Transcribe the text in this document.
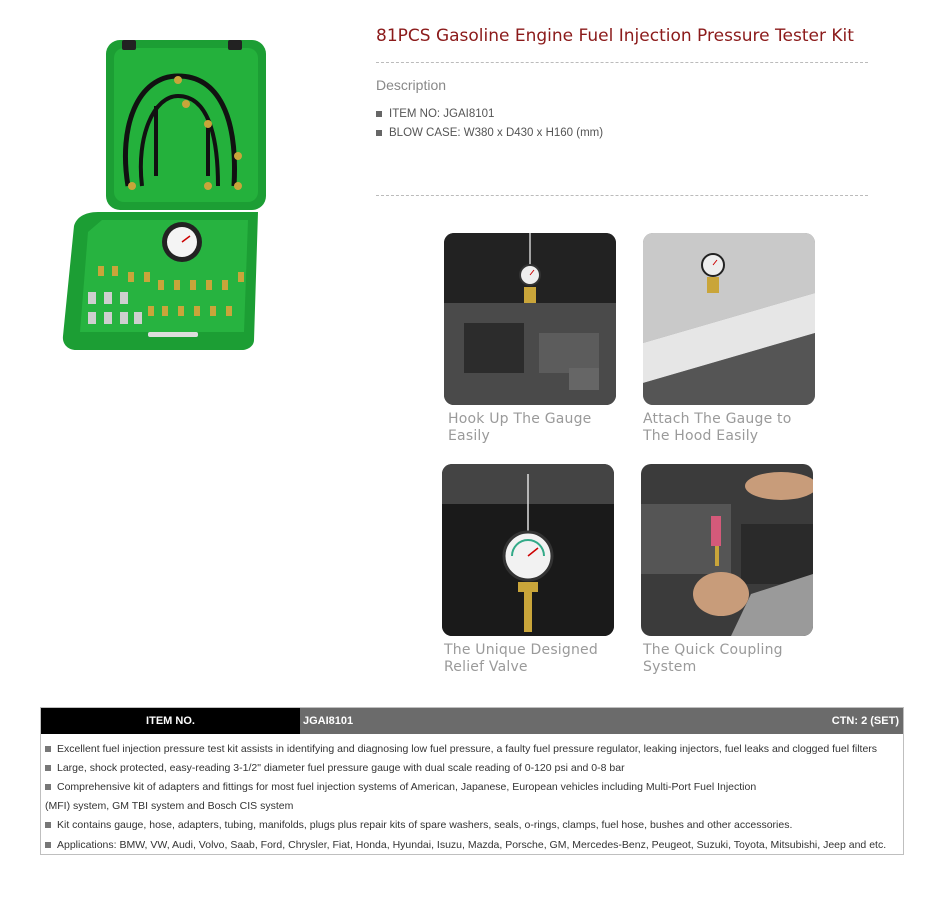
81PCS Gasoline Engine Fuel Injection Pressure Tester Kit
Description
ITEM NO: JGAI8101
BLOW CASE: W380 x D430 x H160 (mm)
Hook Up The Gauge
Easily
Attach The Gauge to
The Hood Easily
The Unique Designed
Relief Valve
The Quick Coupling
System
ITEM NO.	JGAI8101	CTN: 2 (SET)
Excellent fuel injection pressure test kit assists in identifying and diagnosing low fuel pressure, a faulty fuel pressure regulator, leaking injectors, fuel leaks and clogged fuel filters
Large, shock protected, easy-reading 3-1/2" diameter fuel pressure gauge with dual scale reading of 0-120 psi and 0-8 bar
Comprehensive kit of adapters and fittings for most fuel injection systems of American, Japanese, European vehicles including Multi-Port Fuel Injection
(MFI) system, GM TBI system and Bosch CIS system
Kit contains gauge, hose, adapters, tubing, manifolds, plugs plus repair kits of spare washers, seals, o-rings, clamps, fuel hose, bushes and other accessories.
Applications: BMW, VW, Audi, Volvo, Saab, Ford, Chrysler, Fiat, Honda, Hyundai, Isuzu, Mazda, Porsche, GM, Mercedes-Benz, Peugeot, Suzuki, Toyota, Mitsubishi, Jeep and etc.
